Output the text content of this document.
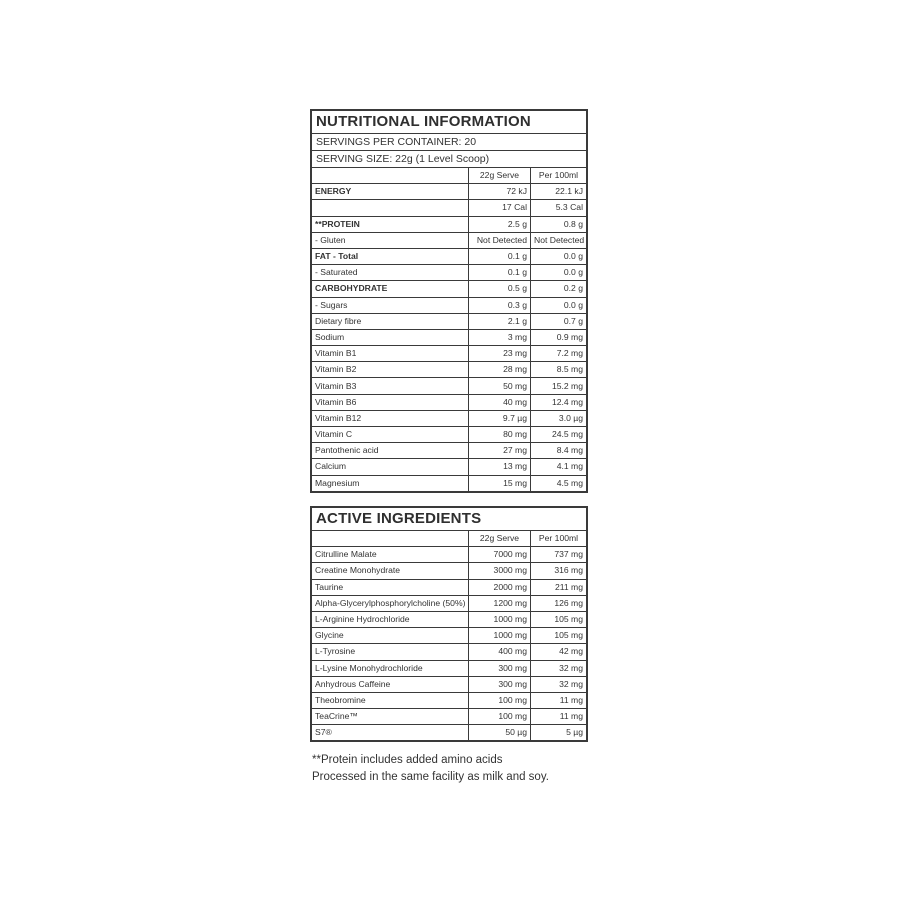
NUTRITIONAL INFORMATION
SERVINGS PER CONTAINER: 20
SERVING SIZE: 22g (1 Level Scoop)
	22g Serve	Per 100ml
ENERGY	72 kJ	22.1 kJ
	17 Cal	5.3 Cal
**PROTEIN	2.5 g	0.8 g
- Gluten	Not Detected	Not Detected
FAT - Total	0.1 g	0.0 g
- Saturated	0.1 g	0.0 g
CARBOHYDRATE	0.5 g	0.2 g
- Sugars	0.3 g	0.0 g
Dietary fibre	2.1 g	0.7 g
Sodium	3 mg	0.9 mg
Vitamin B1	23 mg	7.2 mg
Vitamin B2	28 mg	8.5 mg
Vitamin B3	50 mg	15.2 mg
Vitamin B6	40 mg	12.4 mg
Vitamin B12	9.7 µg	3.0 µg
Vitamin C	80 mg	24.5 mg
Pantothenic acid	27 mg	8.4 mg
Calcium	13 mg	4.1 mg
Magnesium	15 mg	4.5 mg
ACTIVE INGREDIENTS
	22g Serve	Per 100ml
Citrulline Malate	7000 mg	737 mg
Creatine Monohydrate	3000 mg	316 mg
Taurine	2000 mg	211 mg
Alpha-Glycerylphosphorylcholine (50%)	1200 mg	126 mg
L-Arginine Hydrochloride	1000 mg	105 mg
Glycine	1000 mg	105 mg
L-Tyrosine	400 mg	42 mg
L-Lysine Monohydrochloride	300 mg	32 mg
Anhydrous Caffeine	300 mg	32 mg
Theobromine	100 mg	11 mg
TeaCrine™	100 mg	11 mg
S7®	50 µg	5 µg
**Protein includes added amino acids
Processed in the same facility as milk and soy.
